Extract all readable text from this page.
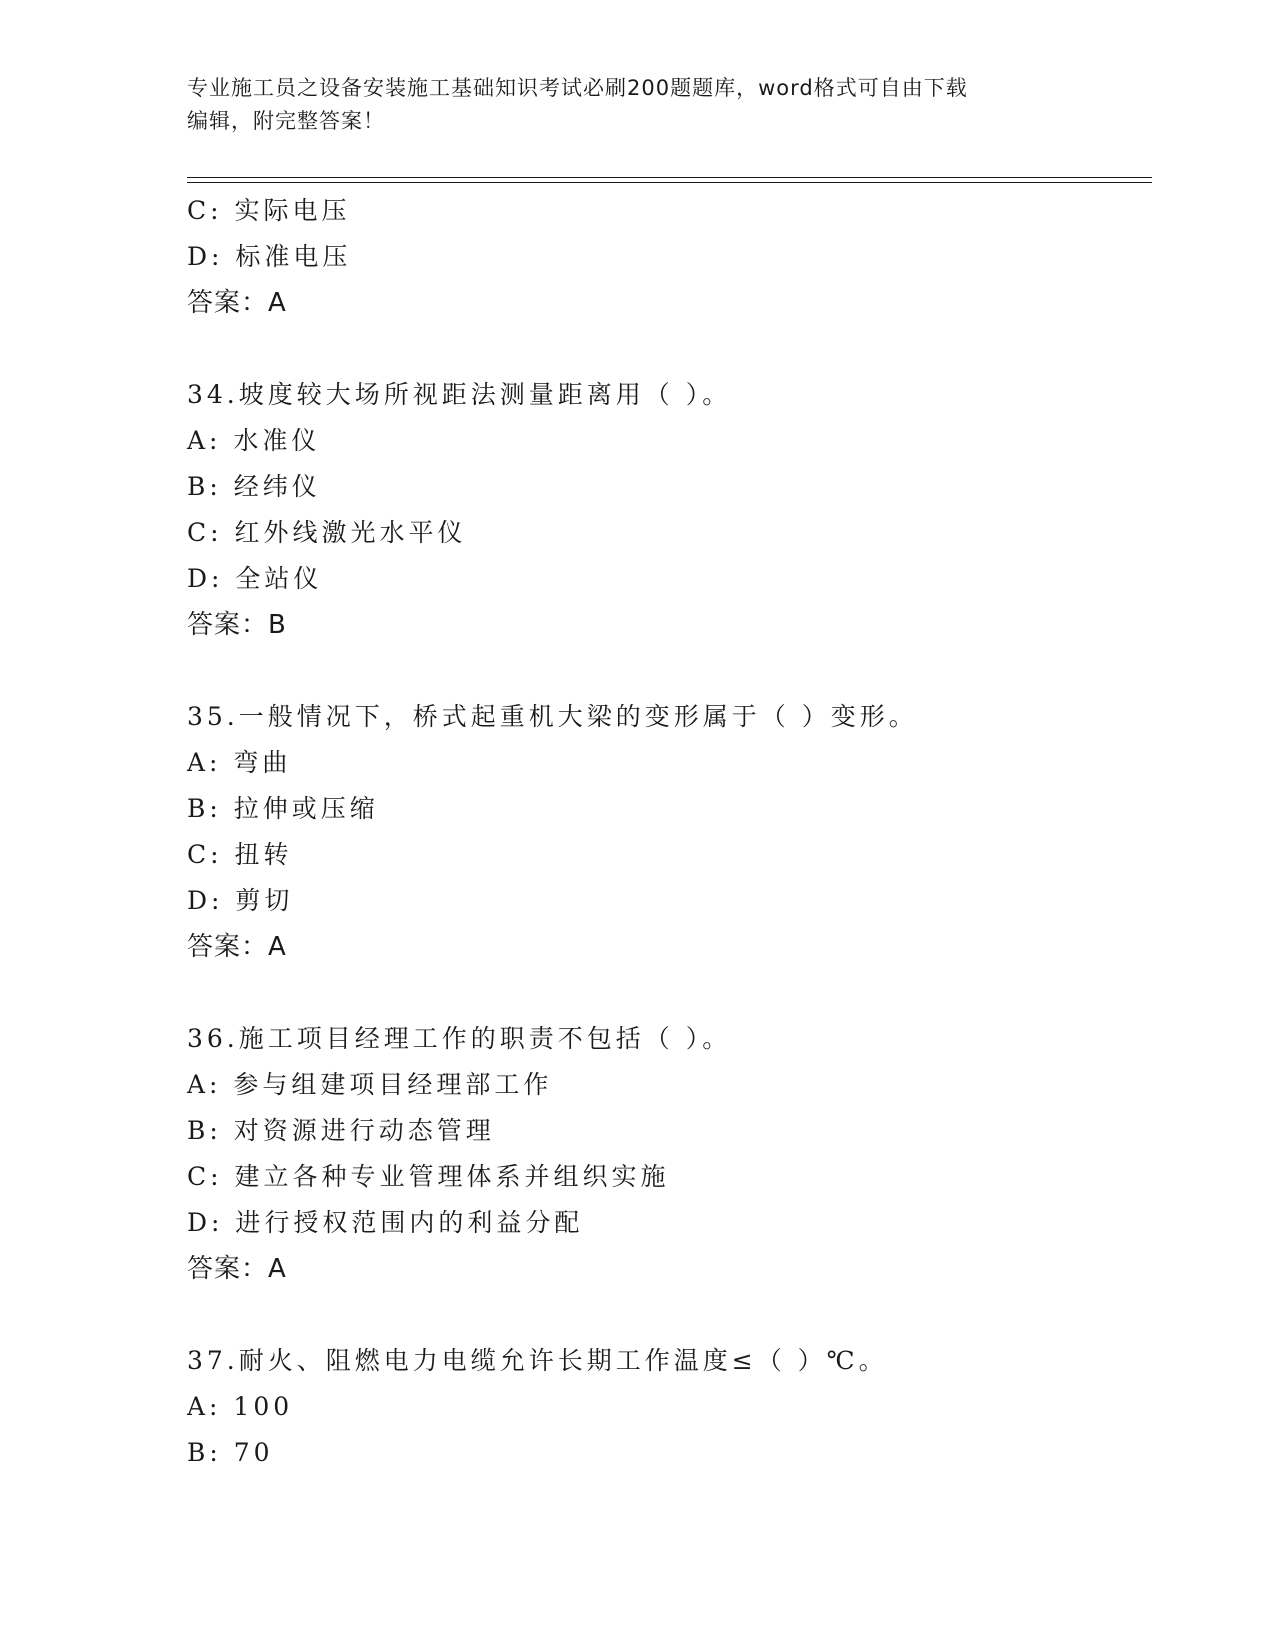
专业施工员之设备安装施工基础知识考试必刷200题题库，word格式可自由下载
编辑，附完整答案！
C: 实际电压
D: 标准电压
答案：A
34.坡度较大场所视距法测量距离用（ ）。
A: 水准仪
B: 经纬仪
C: 红外线激光水平仪
D: 全站仪
答案：B
35.一般情况下，桥式起重机大梁的变形属于（ ）变形。
A: 弯曲
B: 拉伸或压缩
C: 扭转
D: 剪切
答案：A
36.施工项目经理工作的职责不包括（ ）。
A: 参与组建项目经理部工作
B: 对资源进行动态管理
C: 建立各种专业管理体系并组织实施
D: 进行授权范围内的利益分配
答案：A
37.耐火、阻燃电力电缆允许长期工作温度≤（ ）℃。
A: 100
B: 70
